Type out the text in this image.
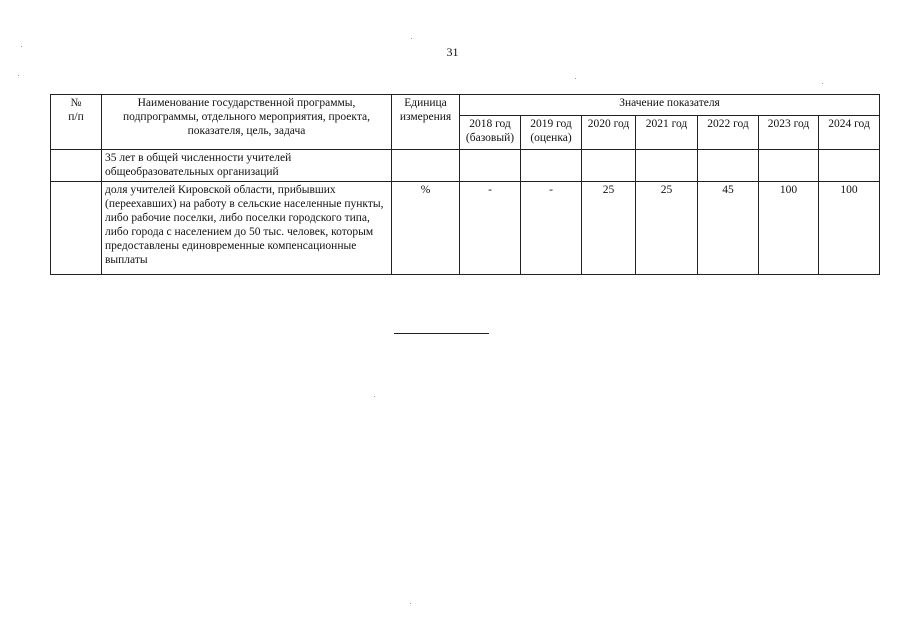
31
№
п/п	Наименование государственной программы, подпрограммы, отдельного мероприятия, проекта, показателя, цель, задача	Единица измерения	Значение показателя						
			2018 год (базовый)	2019 год (оценка)	2020 год	2021 год	2022 год	2023 год	2024 год
	35 лет в общей численности учителей общеобразовательных организаций								
	доля учителей Кировской области, прибывших (переехавших) на работу в сельские населенные пункты, либо рабочие поселки, либо поселки городского типа, либо города с населением до 50 тыс. человек, которым предоставлены единовременные компенсационные выплаты	%	-	-	25	25	45	100	100
